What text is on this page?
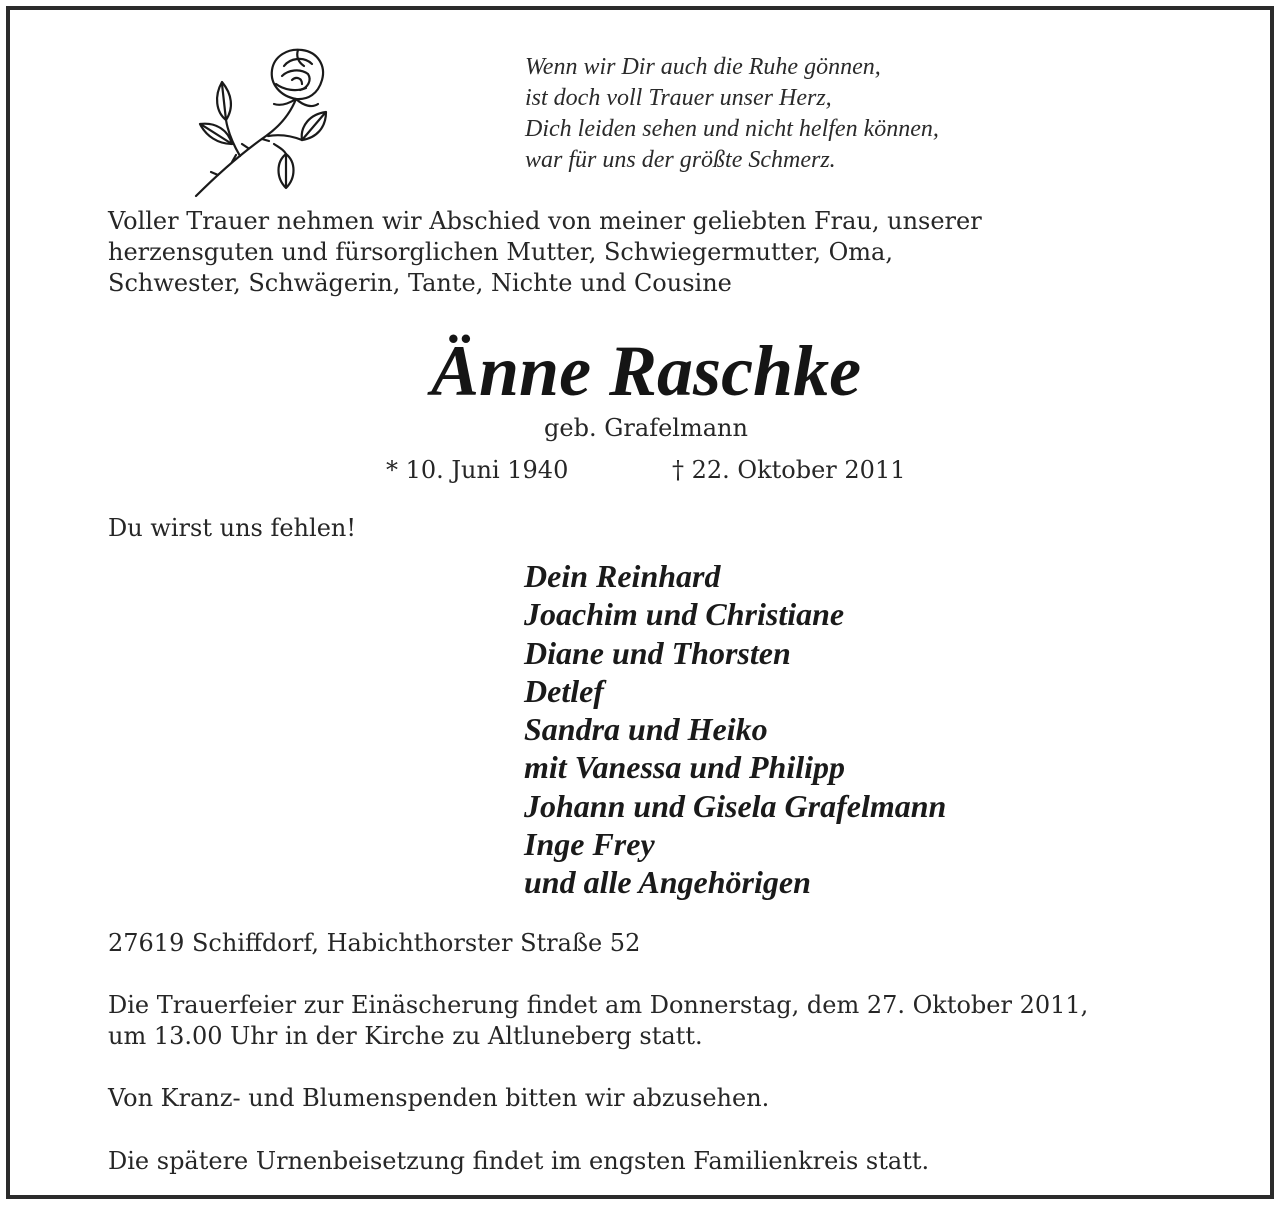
Wenn wir Dir auch die Ruhe gönnen,
ist doch voll Trauer unser Herz,
Dich leiden sehen und nicht helfen können,
war für uns der größte Schmerz.
Voller Trauer nehmen wir Abschied von meiner geliebten Frau, unserer
herzensguten und fürsorglichen Mutter, Schwiegermutter, Oma,
Schwester, Schwägerin, Tante, Nichte und Cousine
Änne Raschke
geb. Grafelmann
* 10. Juni 1940	† 22. Oktober 2011
Du wirst uns fehlen!
Dein Reinhard
Joachim und Christiane
Diane und Thorsten
Detlef
Sandra und Heiko
mit Vanessa und Philipp
Johann und Gisela Grafelmann
Inge Frey
und alle Angehörigen
27619 Schiffdorf, Habichthorster Straße 52
Die Trauerfeier zur Einäscherung findet am Donnerstag, dem 27. Oktober 2011,
um 13.00 Uhr in der Kirche zu Altluneberg statt.
Von Kranz- und Blumenspenden bitten wir abzusehen.
Die spätere Urnenbeisetzung findet im engsten Familienkreis statt.
